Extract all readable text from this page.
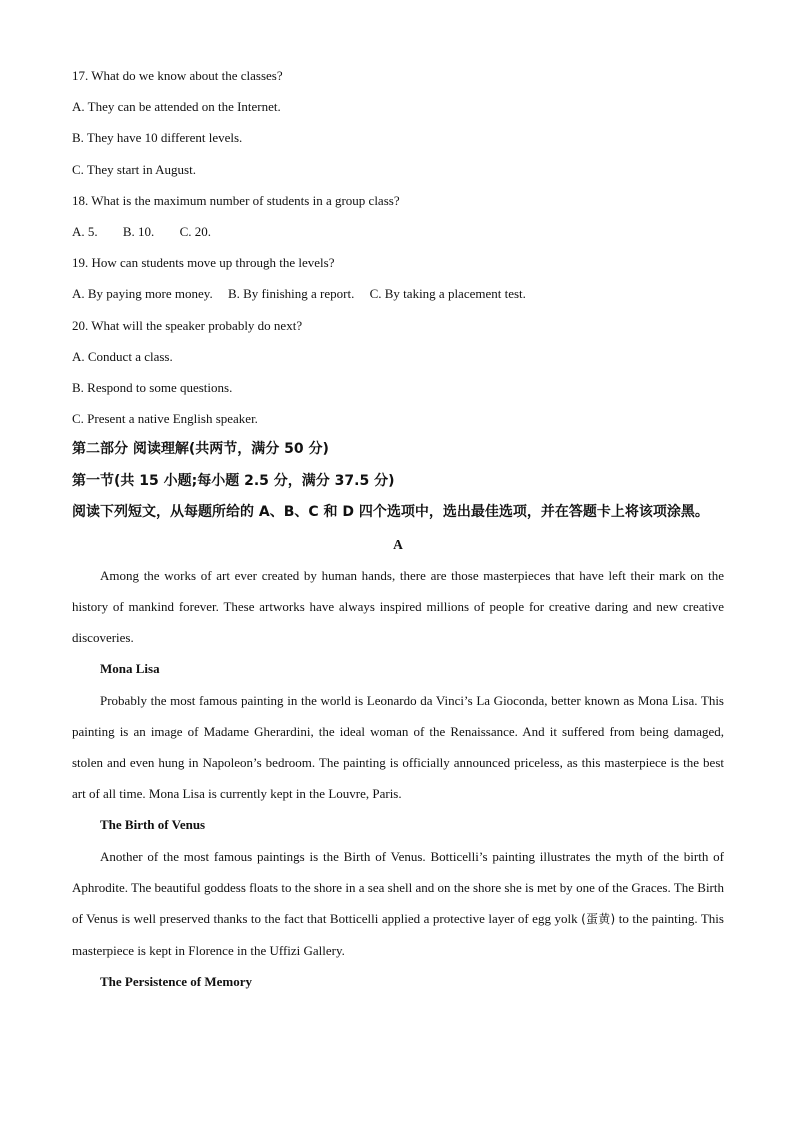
17. What do we know about the classes?
A. They can be attended on the Internet.
B. They have 10 different levels.
C. They start in August.
18. What is the maximum number of students in a group class?
A. 5. B. 10. C. 20.
19. How can students move up through the levels?
A. By paying more money. B. By finishing a report. C. By taking a placement test.
20. What will the speaker probably do next?
A. Conduct a class.
B. Respond to some questions.
C. Present a native English speaker.
第二部分 阅读理解(共两节，满分 50 分)
第一节(共 15 小题;每小题 2.5 分，满分 37.5 分)
阅读下列短文，从每题所给的 A、B、C 和 D 四个选项中，选出最佳选项，并在答题卡上将该项涂黑。
A
Among the works of art ever created by human hands, there are those masterpieces that have left their mark on the history of mankind forever. These artworks have always inspired millions of people for creative daring and new creative discoveries.
Mona Lisa
Probably the most famous painting in the world is Leonardo da Vinci’s La Gioconda, better known as Mona Lisa. This painting is an image of Madame Gherardini, the ideal woman of the Renaissance. And it suffered from being damaged, stolen and even hung in Napoleon’s bedroom. The painting is officially announced priceless, as this masterpiece is the best art of all time. Mona Lisa is currently kept in the Louvre, Paris.
The Birth of Venus
Another of the most famous paintings is the Birth of Venus. Botticelli’s painting illustrates the myth of the birth of Aphrodite. The beautiful goddess floats to the shore in a sea shell and on the shore she is met by one of the Graces. The Birth of Venus is well preserved thanks to the fact that Botticelli applied a protective layer of egg yolk (蛋黄) to the painting. This masterpiece is kept in Florence in the Uffizi Gallery.
The Persistence of Memory
